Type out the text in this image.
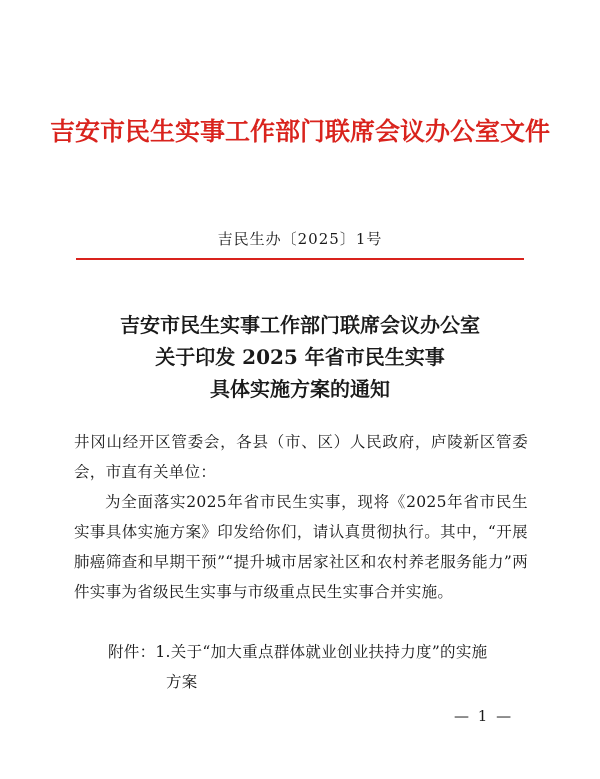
吉安市民生实事工作部门联席会议办公室文件
吉民生办〔2025〕1号
吉安市民生实事工作部门联席会议办公室
关于印发 2025 年省市民生实事
具体实施方案的通知
井冈山经开区管委会，各县（市、区）人民政府，庐陵新区管委会，市直有关单位：
为全面落实2025年省市民生实事，现将《2025年省市民生实事具体实施方案》印发给你们，请认真贯彻执行。其中，“开展肺癌筛查和早期干预”“提升城市居家社区和农村养老服务能力”两件实事为省级民生实事与市级重点民生实事合并实施。
附件：1.关于“加大重点群体就业创业扶持力度”的实施
方案
— 1 —
